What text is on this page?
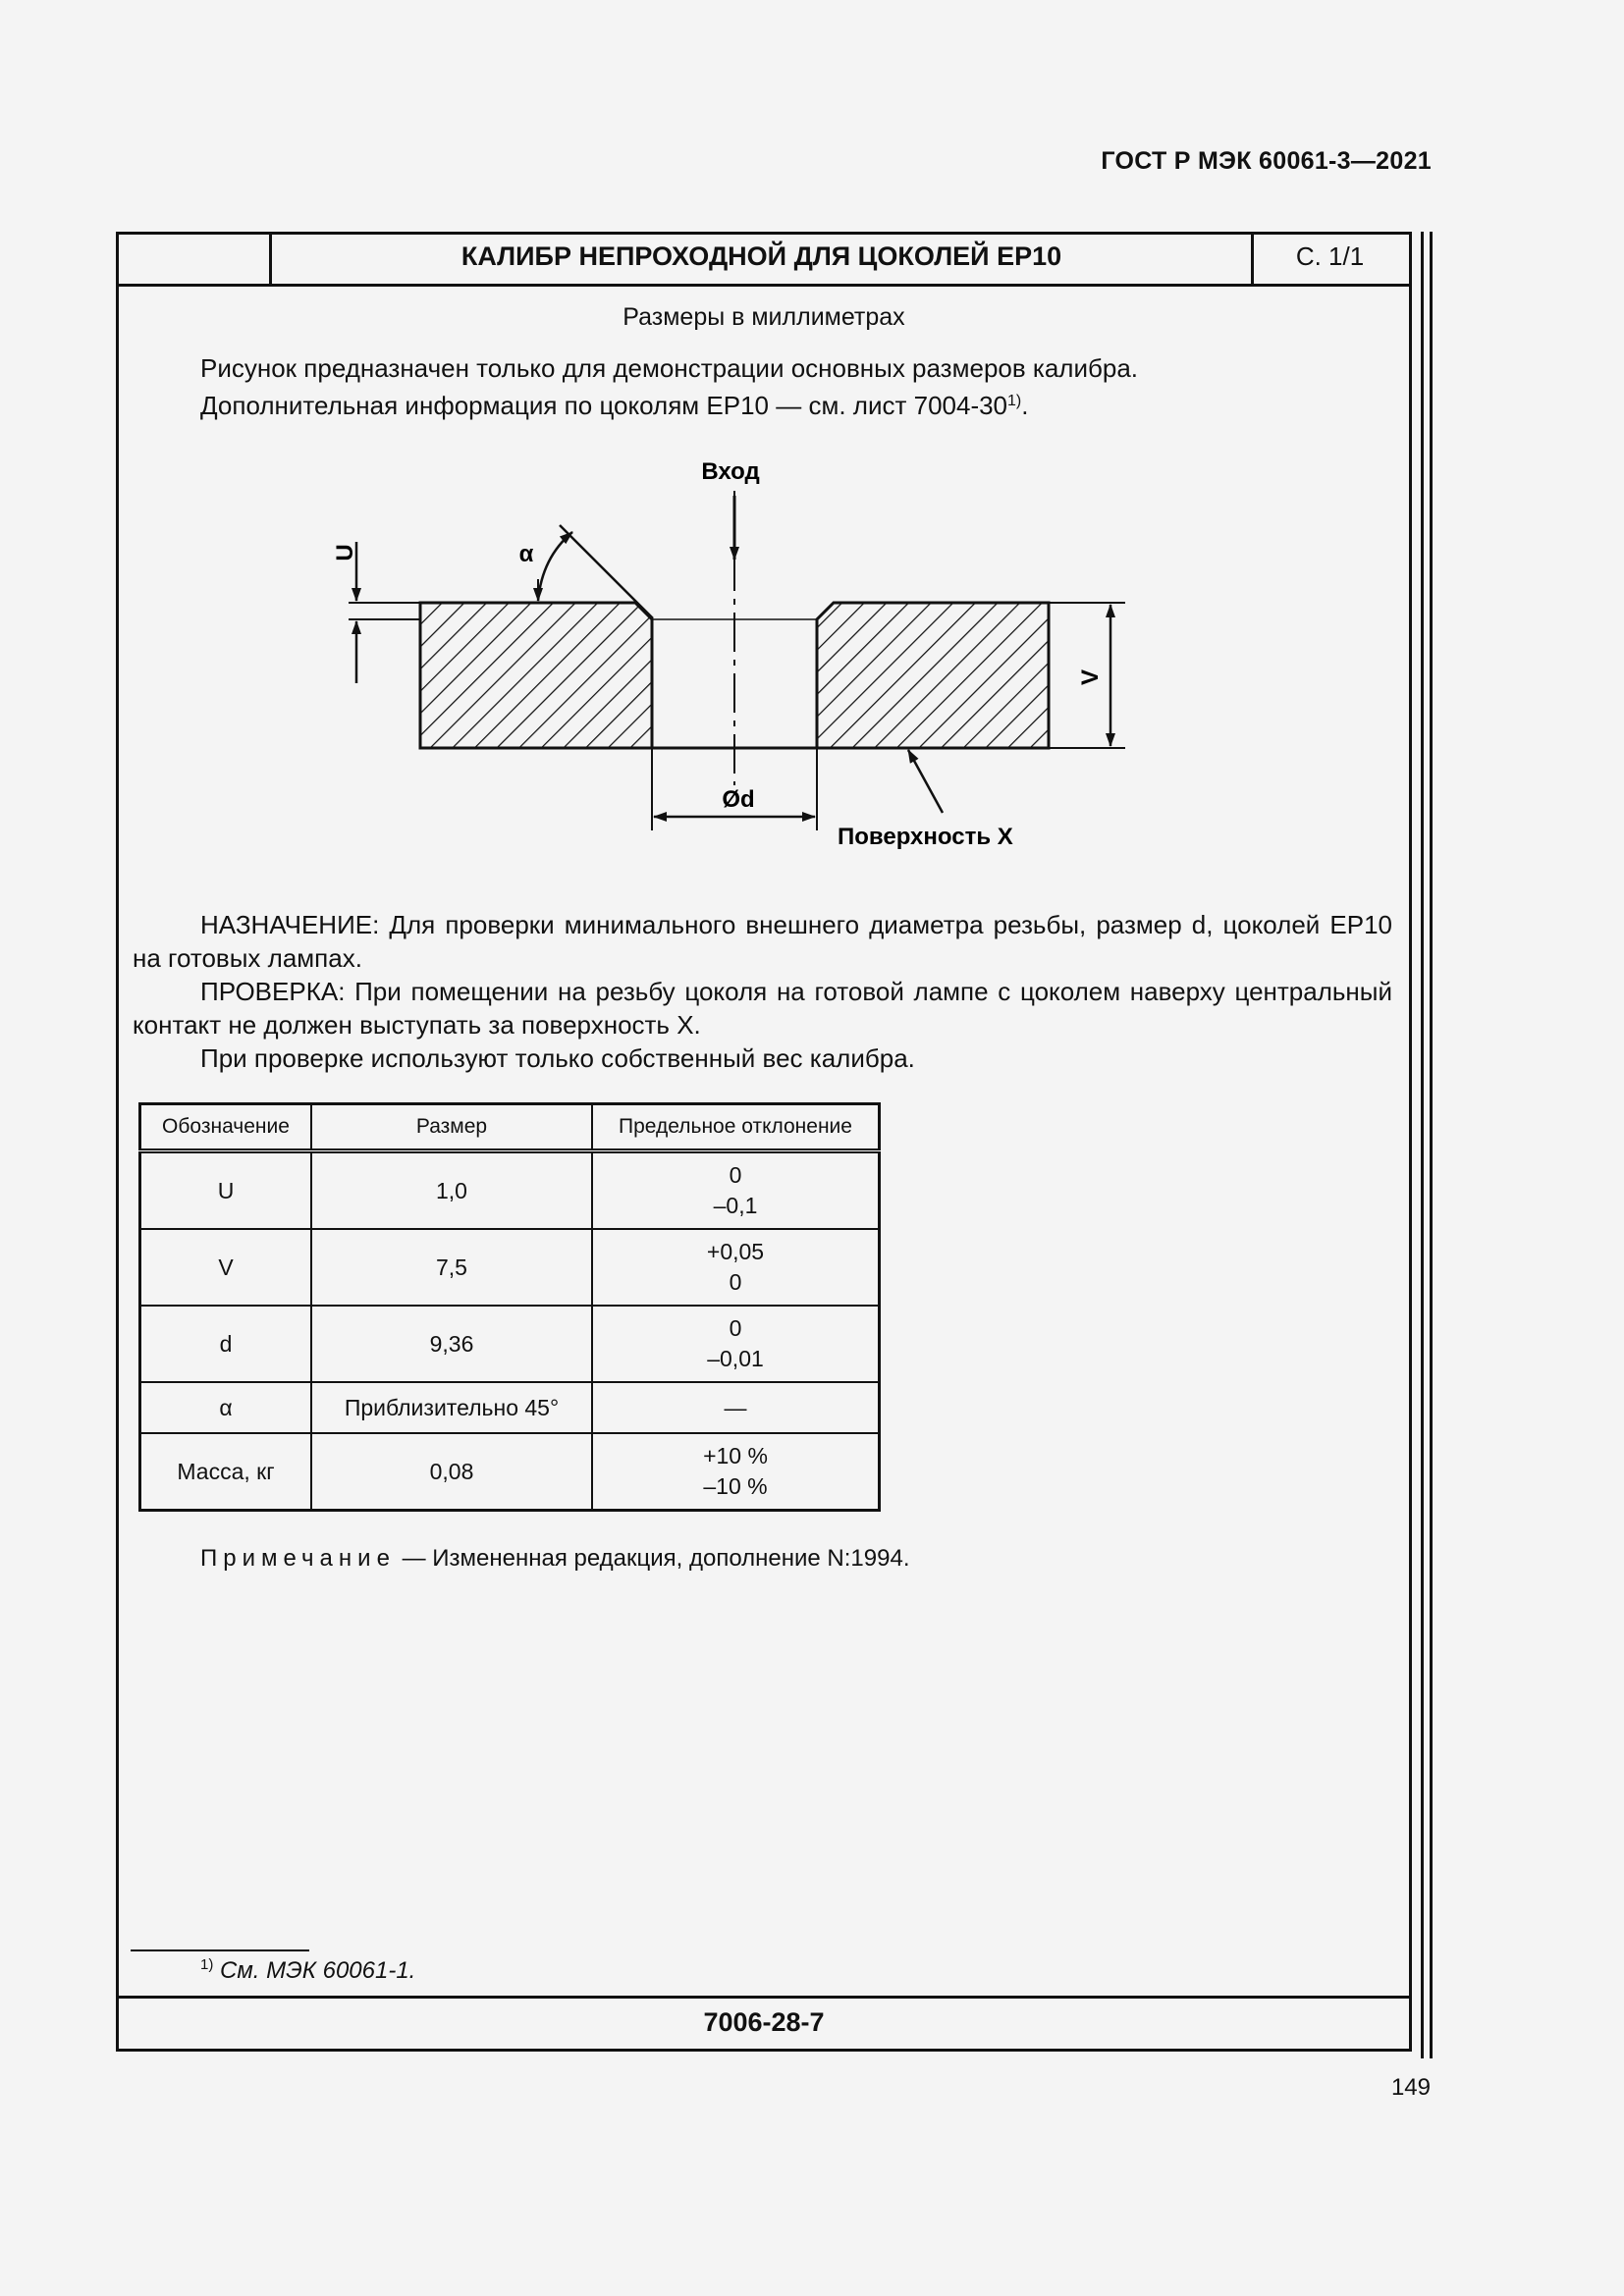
ГОСТ Р МЭК 60061-3—2021
КАЛИБР НЕПРОХОДНОЙ ДЛЯ ЦОКОЛЕЙ ЕР10	С. 1/1
Размеры в миллиметрах
Рисунок предназначен только для демонстрации основных размеров калибра.
Дополнительная информация по цоколям ЕР10 — см. лист 7004-30$^{1)}$.
Вход
U	α
V
Ød
Поверхность X

НАЗНАЧЕНИЕ: Для проверки минимального внешнего диаметра резьбы, размер d, цоколей ЕР10 на готовых лампах.

ПРОВЕРКА: При помещении на резьбу цоколя на готовой лампе с цоколем наверху центральный контакт не должен выступать за поверхность X.

При проверке используют только собственный вес калибра.

Обозначение	Размер	Предельное отклонение
U	1,0	0
–0,1

V	7,5	+0,05
0

d	9,36	0
–0,01

α	Приблизительно 45°	—
Масса, кг	0,08	+10 %
–10 %
Примечание — Измененная редакция, дополнение N:1994.
$^{1)}$ См. МЭК 60061-1.
7006-28-7
149
